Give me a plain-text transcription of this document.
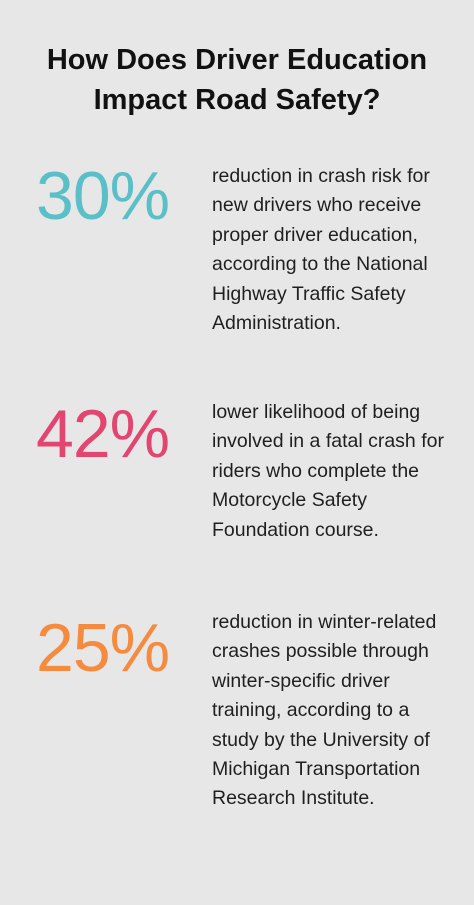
How Does Driver Education
Impact Road Safety?
30%	reduction in crash risk for new drivers who receive proper driver education, according to the National Highway Traffic Safety Administration.

42%	lower likelihood of being involved in a fatal crash for riders who complete the Motorcycle Safety Foundation course.

25%	reduction in winter-related crashes possible through winter-specific driver training, according to a study by the University of Michigan Transportation Research Institute.
